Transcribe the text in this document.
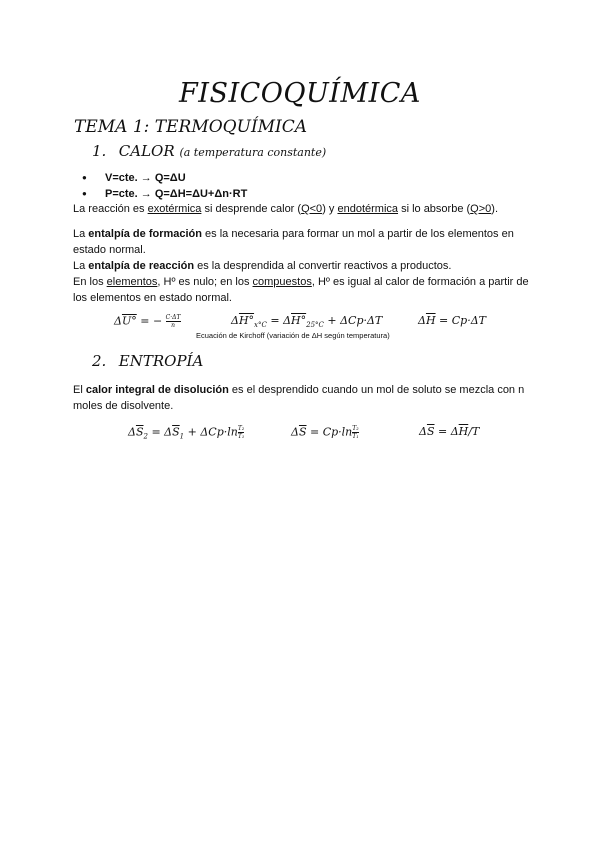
FISICOQUÍMICA
TEMA 1: TERMOQUÍMICA
1. CALOR (a temperatura constante)
● V=cte. → Q=ΔU
● P=cte. → Q=ΔH=ΔU+Δn·RT
La reacción es exotérmica si desprende calor (Q<0) y endotérmica si lo absorbe (Q>0).
La entalpía de formación es la necesaria para formar un mol a partir de los elementos en estado normal.
La entalpía de reacción es la desprendida al convertir reactivos a productos.
En los elementos, Hº es nulo; en los compuestos, Hº es igual al calor de formación a partir de los elementos en estado normal.
ΔU° = − $\frac{C\cdot\Delta T}{n}$	$\Delta H^\circ_{x^\circ C} = \Delta H^\circ_{25^\circ C} + \Delta Cp\cdot\Delta T$	$\Delta\overline{H} = Cp\cdot\Delta T$
Ecuación de Kirchoff (variación de ΔH según temperatura)
2. ENTROPÍA
El calor integral de disolución es el desprendido cuando un mol de soluto se mezcla con n moles de disolvente.
$\Delta\overline{S}_2 = \Delta\overline{S}_1 + \Delta Cp\cdot\ln \frac{\text{T₂}}{\text{T₁}}$	$\Delta\overline{S} = Cp\cdot\ln \frac{\text{T₂}}{\text{T₁}}$	$\Delta\overline{S} = \Delta\overline{H}/T$
